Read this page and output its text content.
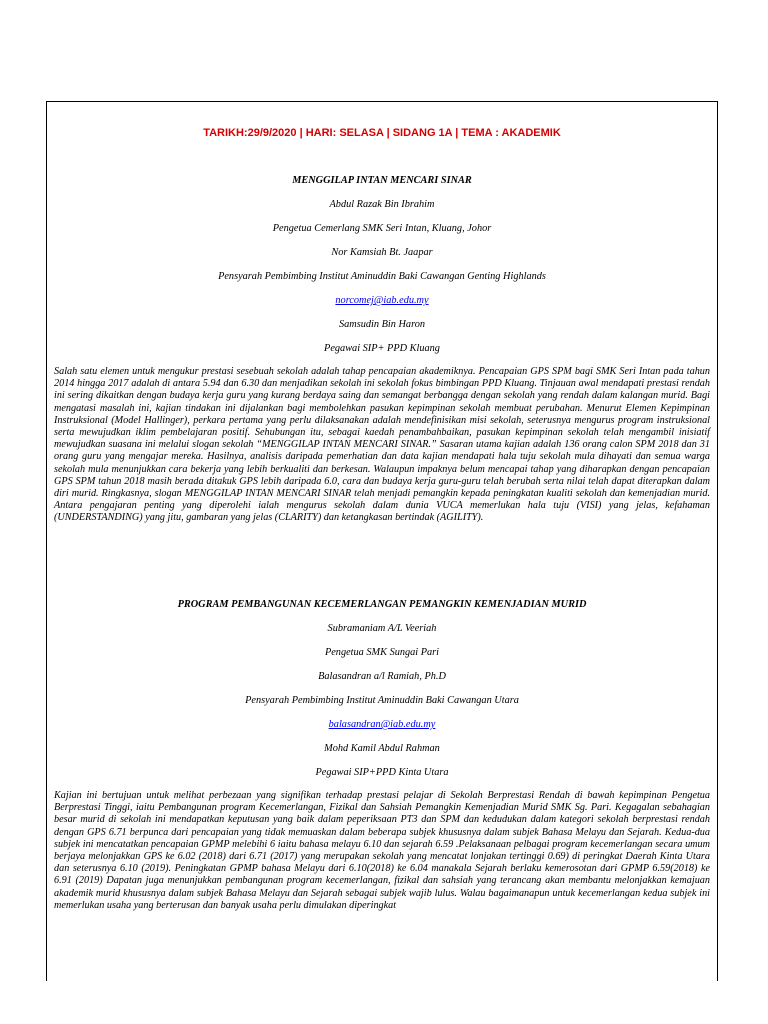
TARIKH:29/9/2020 | HARI: SELASA | SIDANG 1A | TEMA : AKADEMIK

MENGGILAP INTAN MENCARI SINAR

Abdul Razak Bin Ibrahim

Pengetua Cemerlang SMK Seri Intan, Kluang, Johor

Nor Kamsiah Bt. Jaapar

Pensyarah Pembimbing Institut Aminuddin Baki Cawangan Genting Highlands

norcomej@iab.edu.my

Samsudin Bin Haron

Pegawai SIP+ PPD Kluang

Salah satu elemen untuk mengukur prestasi sesebuah sekolah adalah tahap pencapaian akademiknya. Pencapaian GPS SPM bagi SMK Seri Intan pada tahun 2014 hingga 2017 adalah di antara 5.94 dan 6.30 dan menjadikan sekolah ini sekolah fokus bimbingan PPD Kluang. Tinjauan awal mendapati prestasi rendah ini sering dikaitkan dengan budaya kerja guru yang kurang berdaya saing dan semangat berbangga dengan sekolah yang rendah dalam kalangan murid. Bagi mengatasi masalah ini, kajian tindakan ini dijalankan bagi membolehkan pasukan kepimpinan sekolah membuat perubahan. Menurut Elemen Kepimpinan Instruksional (Model Hallinger), perkara pertama yang perlu dilaksanakan adalah mendefinisikan misi sekolah, seterusnya mengurus program instruksional serta mewujudkan iklim pembelajaran positif. Sehubungan itu, sebagai kaedah penambahbaikan, pasukan kepimpinan sekolah telah mengambil inisiatif mewujudkan suasana ini melalui slogan sekolah “MENGGILAP INTAN MENCARI SINAR.” Sasaran utama kajian adalah 136 orang calon SPM 2018 dan 31 orang guru yang mengajar mereka. Hasilnya, analisis daripada pemerhatian dan data kajian mendapati hala tuju sekolah mula dihayati dan semua warga sekolah mula menunjukkan cara bekerja yang lebih berkualiti dan berkesan. Walaupun impaknya belum mencapai tahap yang diharapkan dengan pencapaian GPS SPM tahun 2018 masih berada ditakuk GPS lebih daripada 6.0, cara dan budaya kerja guru-guru telah berubah serta nilai telah dapat diterapkan dalam diri murid. Ringkasnya, slogan MENGGILAP INTAN MENCARI SINAR telah menjadi pemangkin kepada peningkatan kualiti sekolah dan kemenjadian murid. Antara pengajaran penting yang diperolehi ialah mengurus sekolah dalam dunia VUCA memerlukan hala tuju (VISI) yang jelas, kefahaman (UNDERSTANDING) yang jitu, gambaran yang jelas (CLARITY) dan ketangkasan bertindak (AGILITY).

PROGRAM PEMBANGUNAN KECEMERLANGAN PEMANGKIN KEMENJADIAN MURID

Subramaniam A/L Veeriah

Pengetua SMK Sungai Pari

Balasandran a/l Ramiah, Ph.D

Pensyarah Pembimbing Institut Aminuddin Baki Cawangan Utara

balasandran@iab.edu.my

Mohd Kamil Abdul Rahman

Pegawai SIP+PPD Kinta Utara

Kajian ini bertujuan untuk melihat perbezaan yang signifikan terhadap prestasi pelajar di Sekolah Berprestasi Rendah di bawah kepimpinan Pengetua Berprestasi Tinggi, iaitu Pembangunan program Kecemerlangan, Fizikal dan Sahsiah Pemangkin Kemenjadian Murid SMK Sg. Pari. Kegagalan sebahagian besar murid di sekolah ini mendapatkan keputusan yang baik dalam peperiksaan PT3 dan SPM dan kedudukan dalam kategori sekolah berprestasi rendah dengan GPS 6.71 berpunca dari pencapaian yang tidak memuaskan dalam beberapa subjek khususnya dalam subjek Bahasa Melayu dan Sejarah. Kedua-dua subjek ini mencatatkan pencapaian GPMP melebihi 6 iaitu bahasa melayu 6.10 dan sejarah 6.59 .Pelaksanaan pelbagai program kecemerlangan secara umum berjaya melonjakkan GPS ke 6.02 (2018) dari 6.71 (2017) yang merupakan sekolah yang mencatat lonjakan tertinggi 0.69) di peringkat Daerah Kinta Utara dan seterusnya 6.10 (2019). Peningkatan GPMP bahasa Melayu dari 6.10(2018) ke 6.04 manakala Sejarah berlaku kemerosotan dari GPMP 6.59(2018) ke 6.91 (2019) Dapatan juga menunjukkan pembangunan program kecemerlangan, fizikal dan sahsiah yang terancang akan membantu melonjakkan kemajuan akademik murid khususnya dalam subjek Bahasa Melayu dan Sejarah sebagai subjek wajib lulus. Walau bagaimanapun untuk kecemerlangan kedua subjek ini memerlukan usaha yang berterusan dan banyak usaha perlu dimulakan diperingkat
